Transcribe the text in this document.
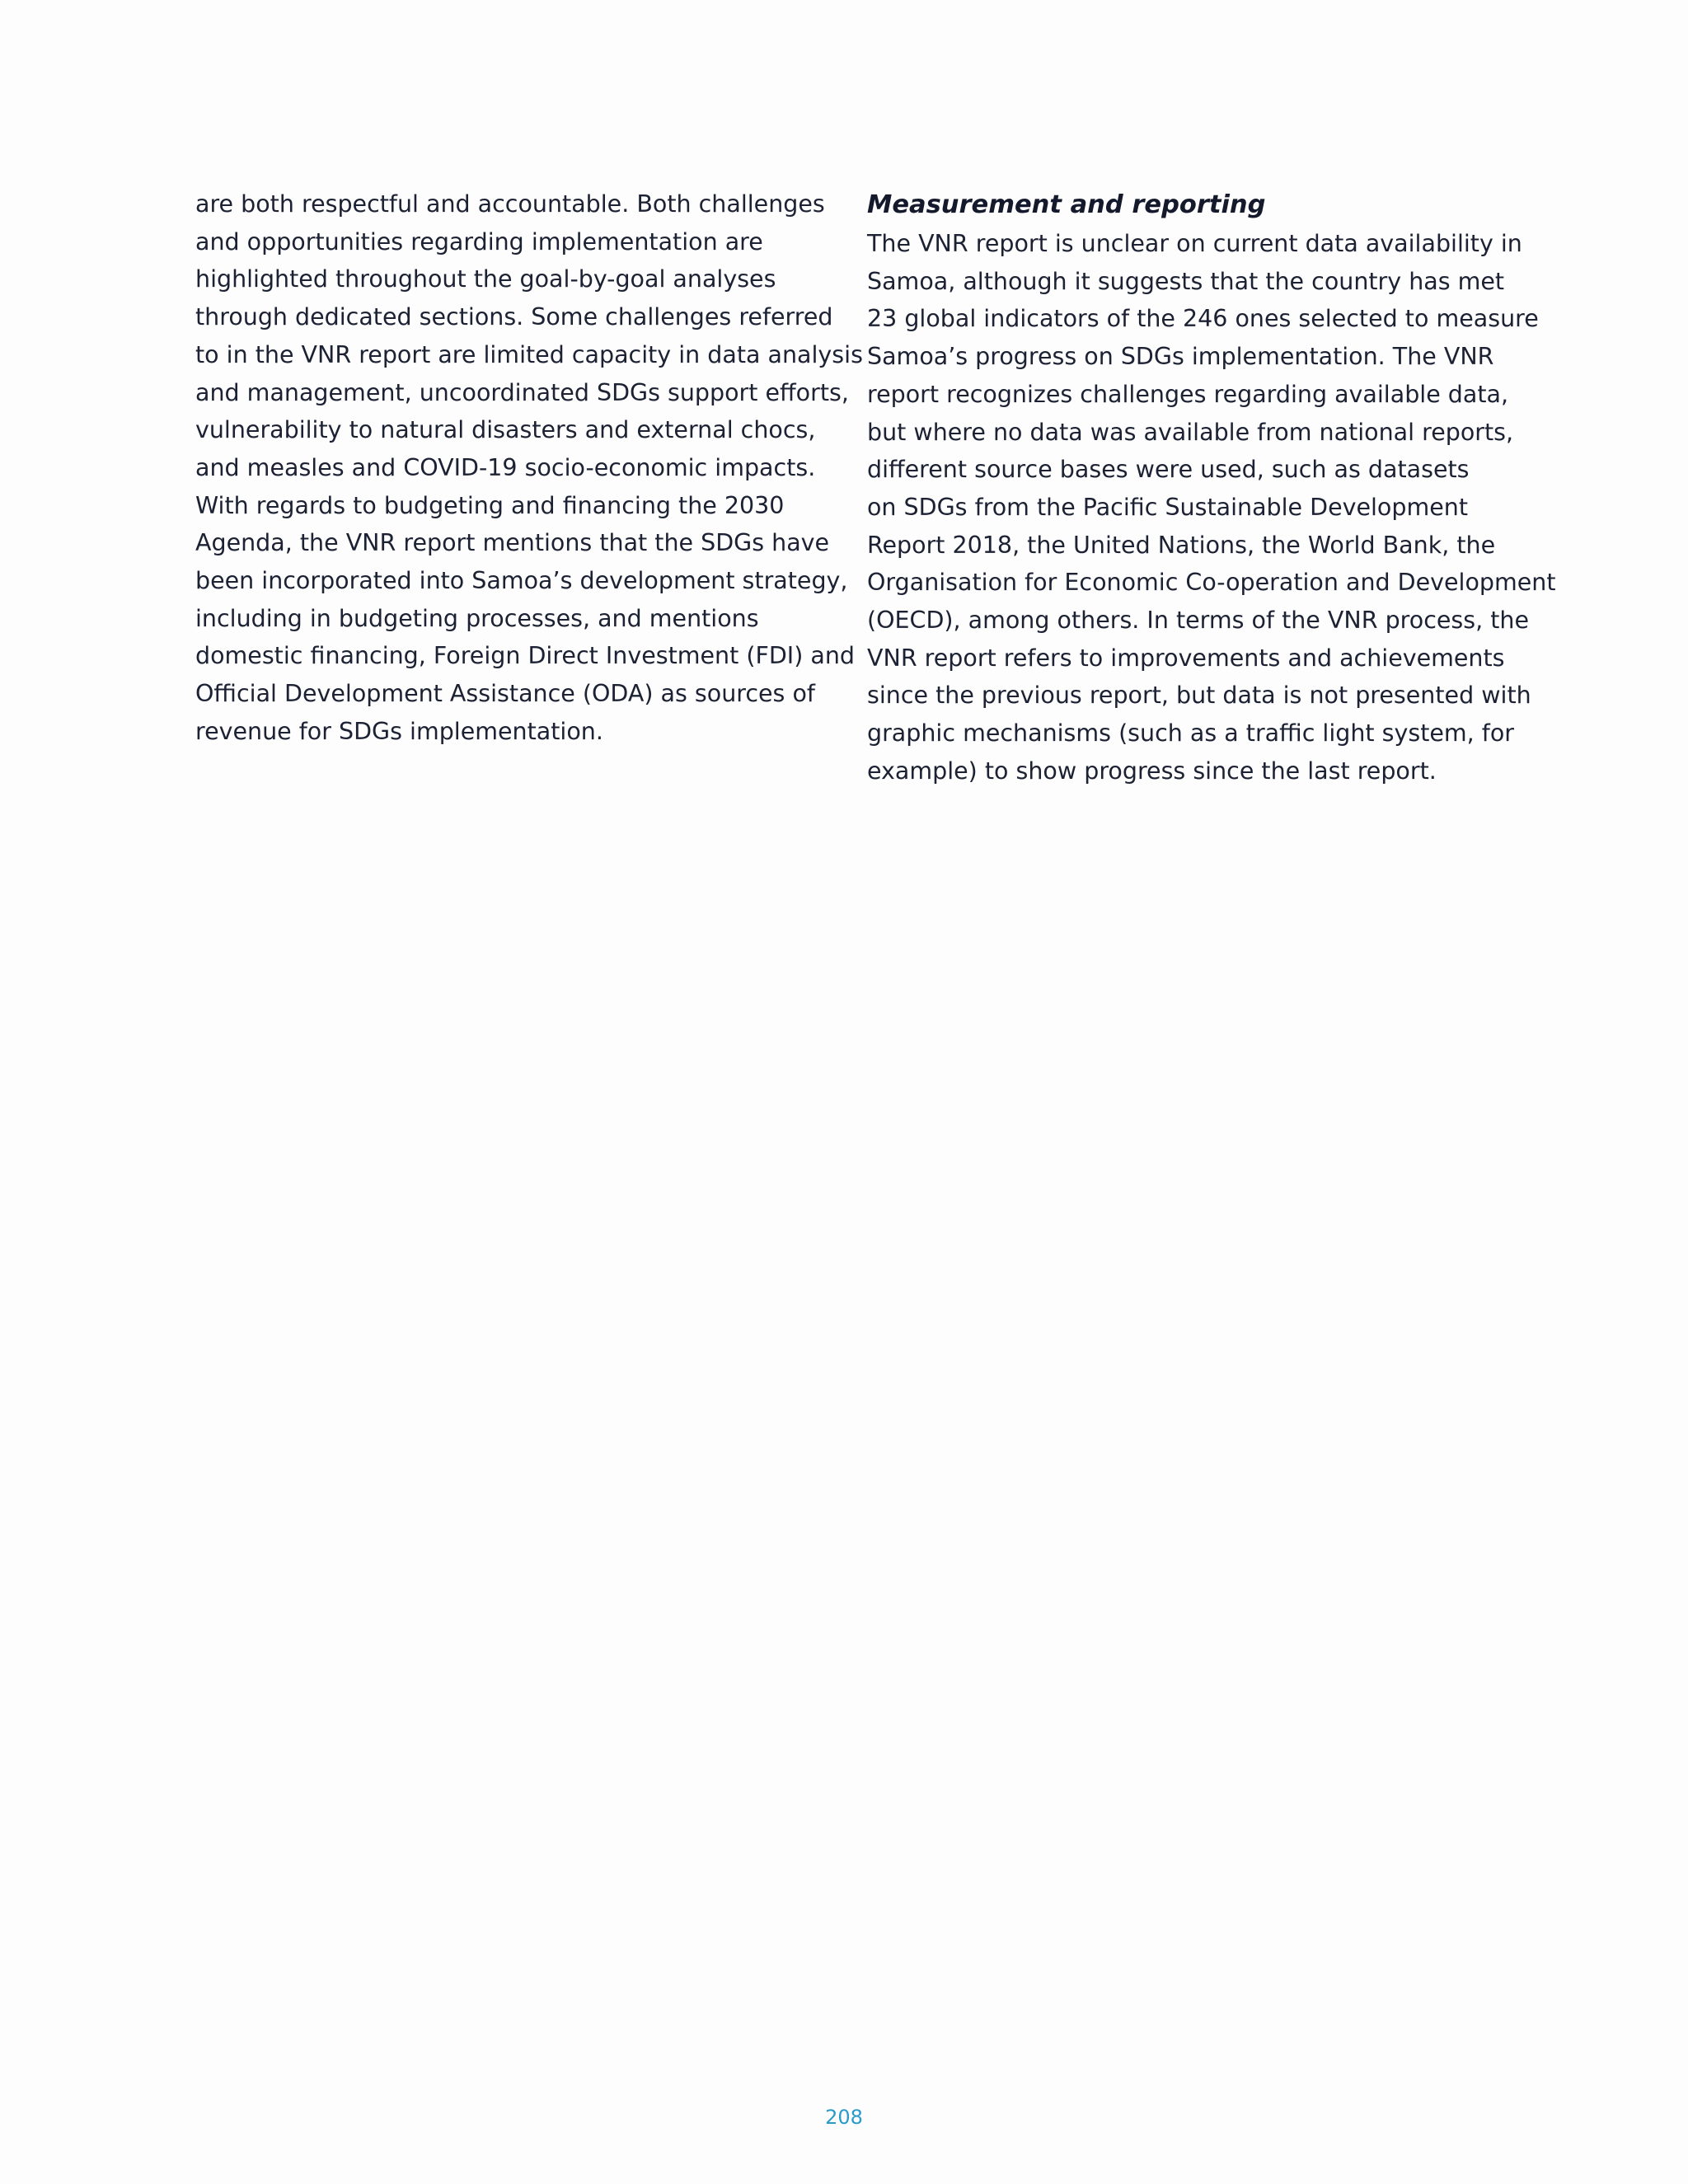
are both respectful and accountable. Both challenges
and opportunities regarding implementation are
highlighted throughout the goal-by-goal analyses
through dedicated sections. Some challenges referred
to in the VNR report are limited capacity in data analysis
and management, uncoordinated SDGs support efforts,
vulnerability to natural disasters and external chocs,
and measles and COVID-19 socio-economic impacts.
With regards to budgeting and financing the 2030
Agenda, the VNR report mentions that the SDGs have
been incorporated into Samoa’s development strategy,
including in budgeting processes, and mentions
domestic financing, Foreign Direct Investment (FDI) and
Official Development Assistance (ODA) as sources of
revenue for SDGs implementation.
Measurement and reporting
The VNR report is unclear on current data availability in
Samoa, although it suggests that the country has met
23 global indicators of the 246 ones selected to measure
Samoa’s progress on SDGs implementation. The VNR
report recognizes challenges regarding available data,
but where no data was available from national reports,
different source bases were used, such as datasets
on SDGs from the Pacific Sustainable Development
Report 2018, the United Nations, the World Bank, the
Organisation for Economic Co-operation and Development
(OECD), among others. In terms of the VNR process, the
VNR report refers to improvements and achievements
since the previous report, but data is not presented with
graphic mechanisms (such as a traffic light system, for
example) to show progress since the last report.
208
